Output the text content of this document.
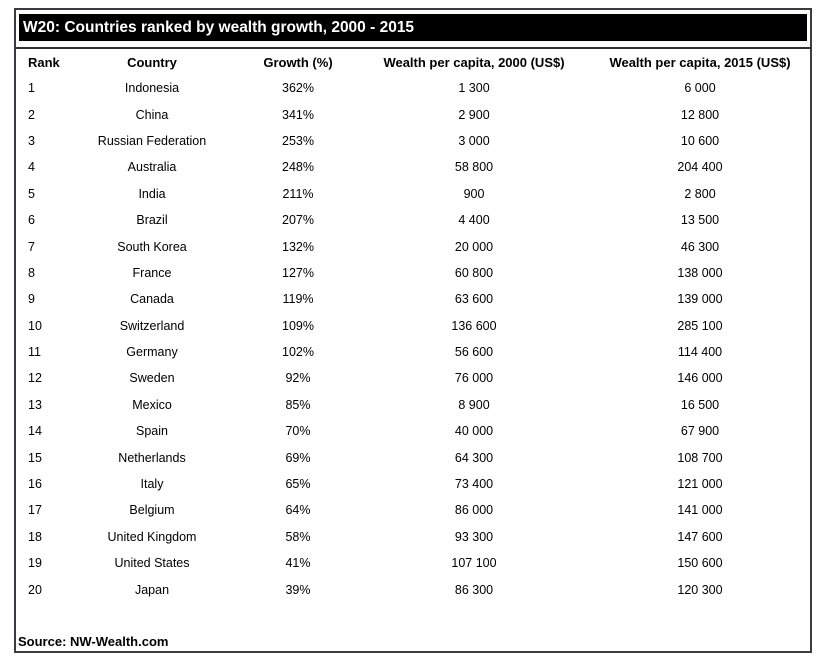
W20: Countries ranked by wealth growth, 2000 - 2015
Rank	Country	Growth (%)	Wealth per capita, 2000 (US$)	Wealth per capita, 2015 (US$)
1	Indonesia	362%	1 300	6 000
2	China	341%	2 900	12 800
3	Russian Federation	253%	3 000	10 600
4	Australia	248%	58 800	204 400
5	India	211%	900	2 800
6	Brazil	207%	4 400	13 500
7	South Korea	132%	20 000	46 300
8	France	127%	60 800	138 000
9	Canada	119%	63 600	139 000
10	Switzerland	109%	136 600	285 100
11	Germany	102%	56 600	114 400
12	Sweden	92%	76 000	146 000
13	Mexico	85%	8 900	16 500
14	Spain	70%	40 000	67 900
15	Netherlands	69%	64 300	108 700
16	Italy	65%	73 400	121 000
17	Belgium	64%	86 000	141 000
18	United Kingdom	58%	93 300	147 600
19	United States	41%	107 100	150 600
20	Japan	39%	86 300	120 300
Source: NW-Wealth.com
